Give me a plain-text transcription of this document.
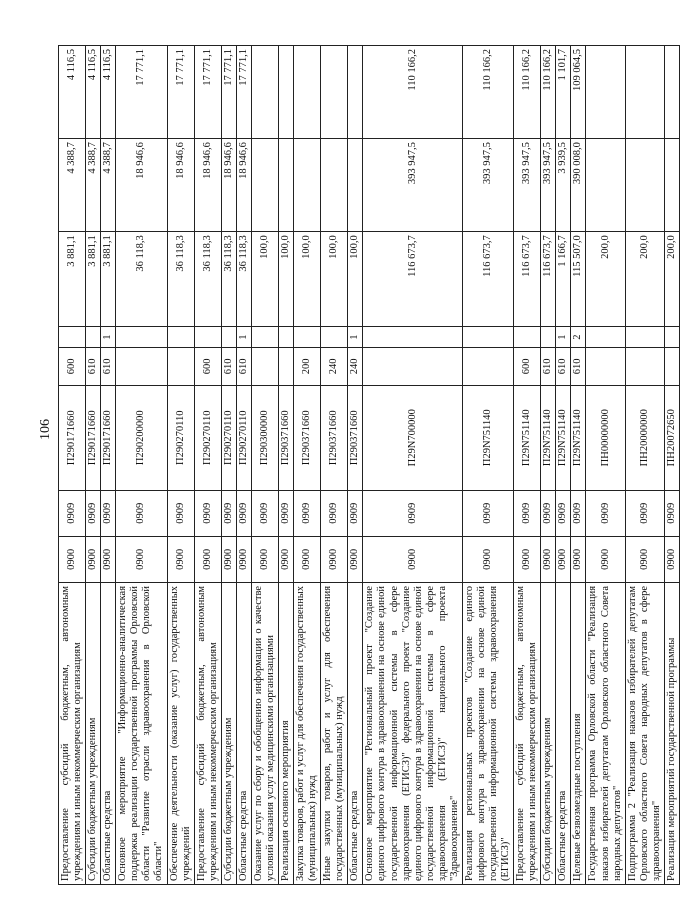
106
Предоставление субсидий бюджетным, автономным учреждениям и иным некоммерческим организациям	0900	0909	П290171660	600		3 881,1	4 388,7	4 116,5
Субсидии бюджетным учреждениям	0900	0909	П290171660	610		3 881,1	4 388,7	4 116,5
Областные средства	0900	0909	П290171660	610	1	3 881,1	4 388,7	4 116,5
Основное мероприятие "Информационно-аналитическая поддержка реализации государственной программы Орловской области "Развитие отрасли здравоохранения в Орловской области"	0900	0909	П290200000			36 118,3	18 946,6	17 771,1
Обеспечение деятельности (оказание услуг) государственных учреждений	0900	0909	П290270110			36 118,3	18 946,6	17 771,1
Предоставление субсидий бюджетным, автономным учреждениям и иным некоммерческим организациям	0900	0909	П290270110	600		36 118,3	18 946,6	17 771,1
Субсидии бюджетным учреждениям	0900	0909	П290270110	610		36 118,3	18 946,6	17 771,1
Областные средства	0900	0909	П290270110	610	1	36 118,3	18 946,6	17 771,1
Оказание услуг по сбору и обобщению информации о качестве условий оказания услуг медицинскими организациями	0900	0909	П290300000			100,0		
Реализация основного мероприятия	0900	0909	П290371660			100,0		
Закупка товаров, работ и услуг для обеспечения государственных (муниципальных) нужд	0900	0909	П290371660	200		100,0		
Иные закупки товаров, работ и услуг для обеспечения государственных (муниципальных) нужд	0900	0909	П290371660	240		100,0		
Областные средства	0900	0909	П290371660	240	1	100,0		
Основное мероприятие "Региональный проект "Создание единого цифрового контура в здравоохранении на основе единой государственной информационной системы в сфере здравоохранения (ЕГИСЗ)" федерального проект "Создание единого цифрового контура в здравоохранении на основе единой государственной информационной системы в сфере здравоохранения (ЕГИСЗ)" национального проекта "Здравоохранение"	0900	0909	П29N700000			116 673,7	393 947,5	110 166,2
Реализация региональных проектов "Создание единого цифрового контура в здравоохранении на основе единой государственной информационной системы здравоохранения (ЕГИСЗ)"	0900	0909	П29N751140			116 673,7	393 947,5	110 166,2
Предоставление субсидий бюджетным, автономным учреждениям и иным некоммерческим организациям	0900	0909	П29N751140	600		116 673,7	393 947,5	110 166,2
Субсидии бюджетным учреждениям	0900	0909	П29N751140	610		116 673,7	393 947,5	110 166,2
Областные средства	0900	0909	П29N751140	610	1	1 166,7	3 939,5	1 101,7
Целевые безвозмездные поступления	0900	0909	П29N751140	610	2	115 507,0	390 008,0	109 064,5
Государственная программа Орловской области "Реализация наказов избирателей депутатам Орловского областного Совета народных депутатов"	0900	0909	ПН00000000			200,0		
Подпрограмма 2 "Реализация наказов избирателей депутатам Орловского областного Совета народных депутатов в сфере здравоохранения"	0900	0909	ПН20000000			200,0		
Реализация мероприятий государственной программы	0900	0909	ПН20072650			200,0		
